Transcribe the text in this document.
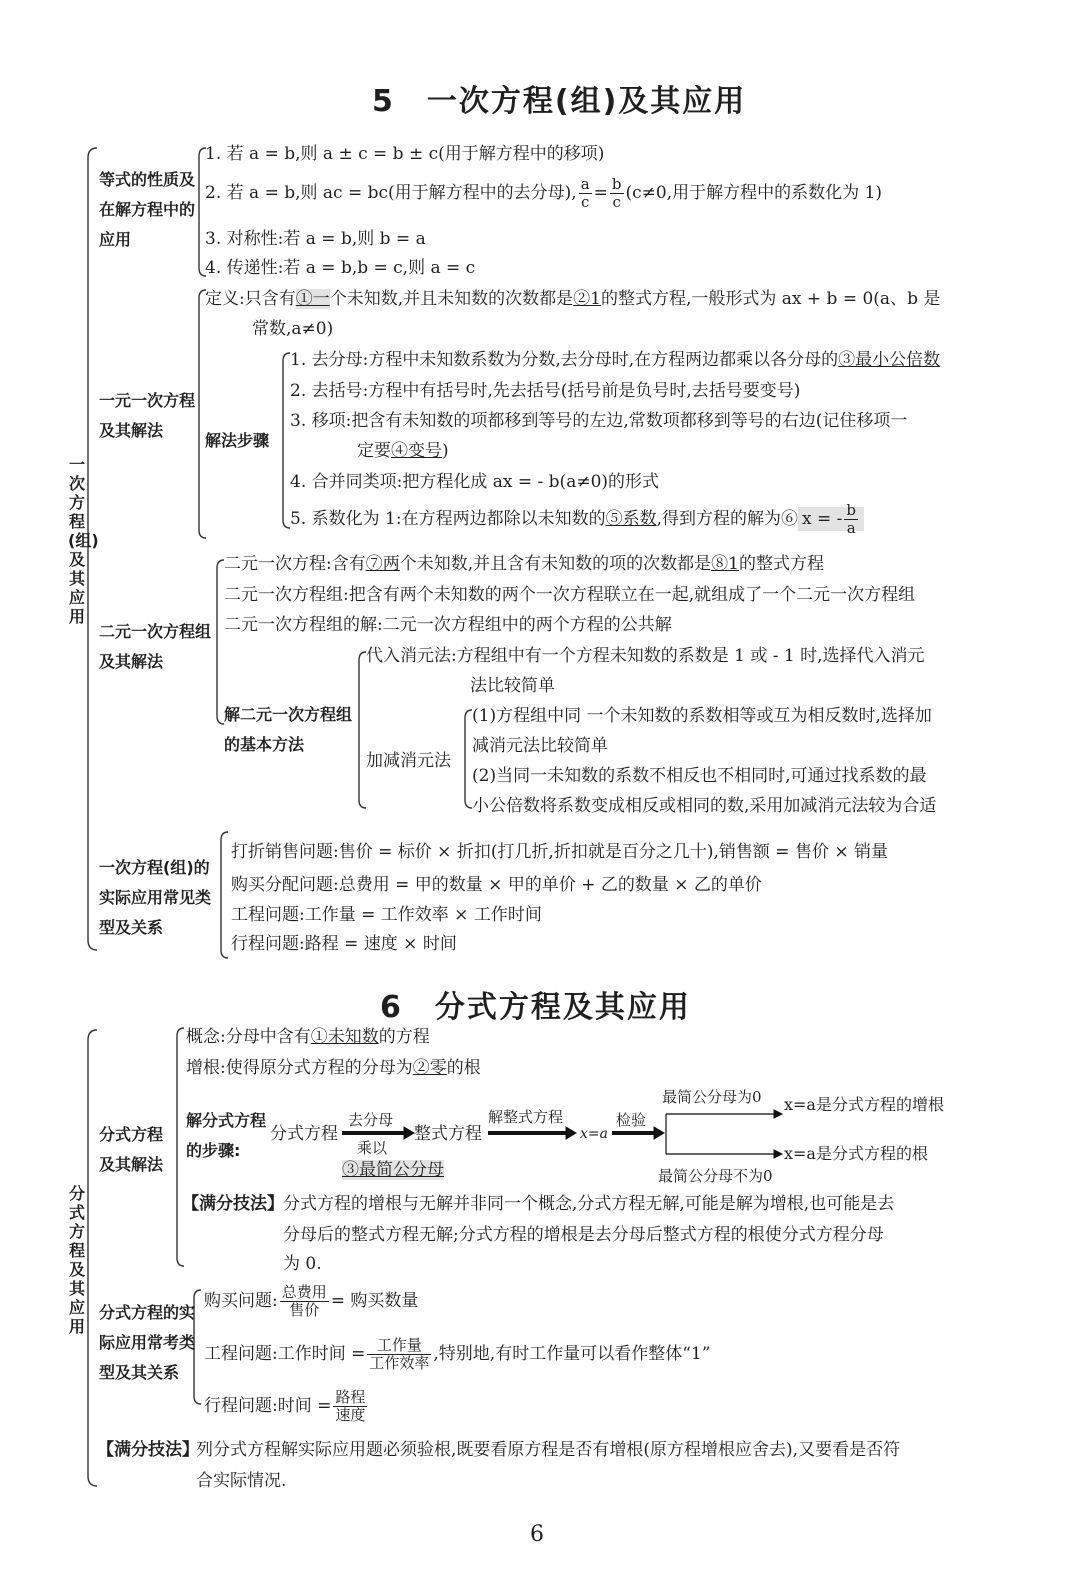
5　一次方程(组)及其应用
一次方程(组)及其应用
等式的性质及在解方程中的应用
1. 若 a = b,则 a ± c = b ± c(用于解方程中的移项)
2. 若 a = b,则 ac = bc(用于解方程中的去分母), $\frac{a}{c} = \frac{b}{c} (c\ne 0$,用于解方程中的系数化为 1)
3. 对称性:若 a = b,则 b = a
4. 传递性:若 a = b,b = c,则 a = c
一元一次方程及其解法
定义:只含有①一个未知数,并且未知数的次数都是②1的整式方程,一般形式为 ax + b = 0(a、b 是
常数,a≠0)
解法步骤
1. 去分母:方程中未知数系数为分数,去分母时,在方程两边都乘以各分母的③最小公倍数
2. 去括号:方程中有括号时,先去括号(括号前是负号时,去括号要变号)
3. 移项:把含有未知数的项都移到等号的左边,常数项都移到等号的右边(记住移项一
定要④变号)
4. 合并同类项:把方程化成 ax = - b(a≠0)的形式
5. 系数化为 1:在方程两边都除以未知数的⑤系数,得到方程的解为⑥ x = - $\frac{b}{a}$
二元一次方程组及其解法
二元一次方程:含有⑦两个未知数,并且含有未知数的项的次数都是⑧1的整式方程
二元一次方程组:把含有两个未知数的两个一次方程联立在一起,就组成了一个二元一次方程组
二元一次方程组的解:二元一次方程组中的两个方程的公共解
解二元一次方程组的基本方法
代入消元法:方程组中有一个方程未知数的系数是 1 或 - 1 时,选择代入消元
法比较简单
加减消元法
(1)方程组中同 一个未知数的系数相等或互为相反数时,选择加
减消元法比较简单
(2)当同一未知数的系数不相反也不相同时,可通过找系数的最
小公倍数将系数变成相反或相同的数,采用加减消元法较为合适
一次方程(组)的实际应用常见类型及关系
打折销售问题:售价 = 标价 × 折扣(打几折,折扣就是百分之几十),销售额 = 售价 × 销量
购买分配问题:总费用 = 甲的数量 × 甲的单价 + 乙的数量 × 乙的单价
工程问题:工作量 = 工作效率 × 工作时间
行程问题:路程 = 速度 × 时间
6　分式方程及其应用
分式方程及其应用
分式方程及其解法
概念:分母中含有①未知数的方程
增根:使得原分式方程的分母为②零的根
解分式方程的步骤:
分式方程
去分母
乘以
③最简公分母
整式方程
解整式方程
x=a
检验
最简公分母为0 x=a是分式方程的增根
x=a是分式方程的根
最简公分母不为0
【满分技法】 分式方程的增根与无解并非同一个概念,分式方程无解,可能是解为增根,也可能是去
分母后的整式方程无解;分式方程的增根是去分母后整式方程的根使分式方程分母
为 0.
分式方程的实际应用常考类型及其关系
购买问题: $\frac{\text{总费用}}{\text{售价}}$ = 购买数量
工程问题:工作时间 = $\frac{\text{工作量}}{\text{工作效率}}$ ,特别地,有时工作量可以看作整体“1”
行程问题:时间 = $\frac{\text{路程}}{\text{速度}}$
【满分技法】
列分式方程解实际应用题必须验根,既要看原方程是否有增根(原方程增根应舍去),又要看是否符
合实际情况.
6
